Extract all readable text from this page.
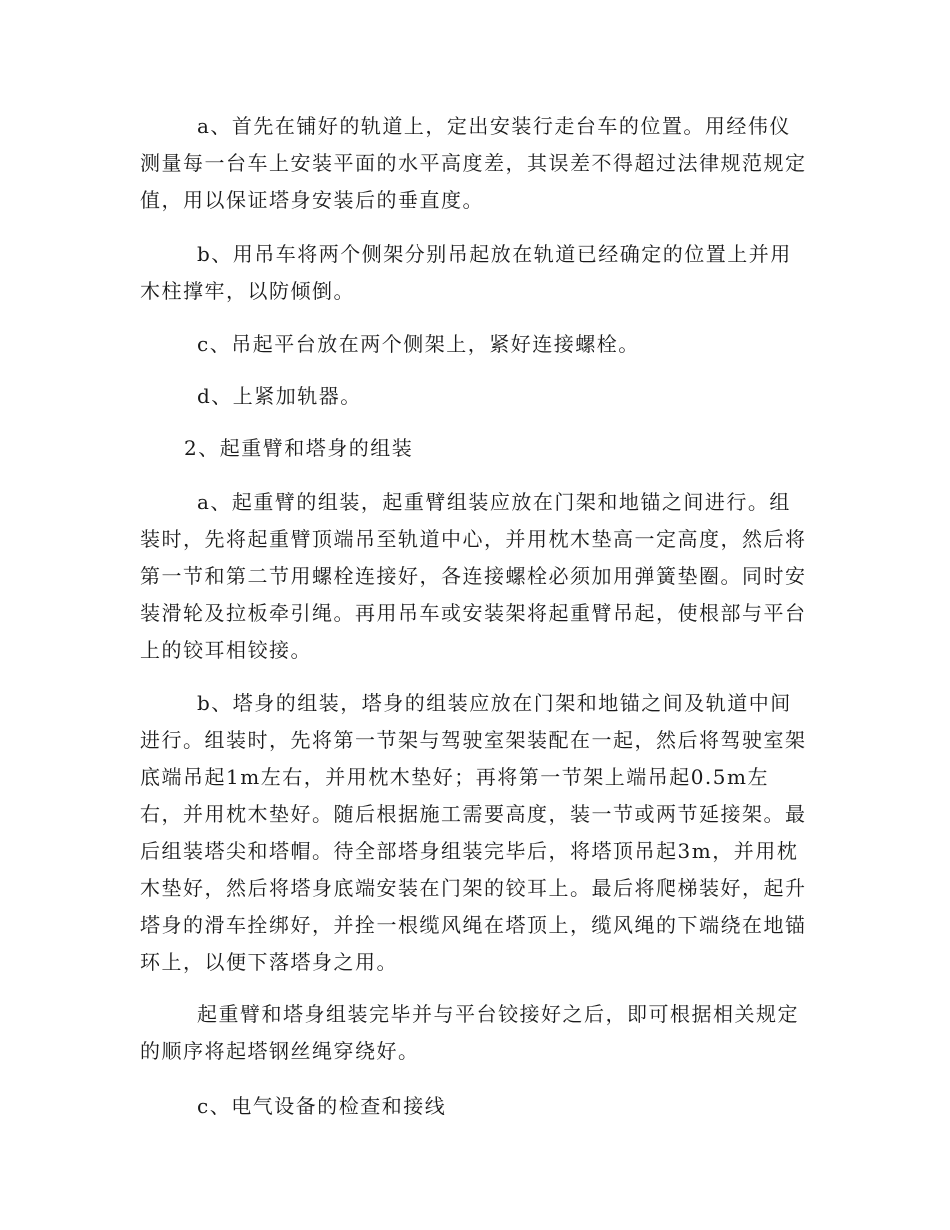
a、首先在铺好的轨道上，定出安装行走台车的位置。用经伟仪测量每一台车上安装平面的水平高度差，其误差不得超过法律规范规定值，用以保证塔身安装后的垂直度。

b、用吊车将两个侧架分别吊起放在轨道已经确定的位置上并用木柱撑牢，以防倾倒。

c、吊起平台放在两个侧架上，紧好连接螺栓。

d、上紧加轨器。

2、起重臂和塔身的组装

a、起重臂的组装，起重臂组装应放在门架和地锚之间进行。组装时，先将起重臂顶端吊至轨道中心，并用枕木垫高一定高度，然后将第一节和第二节用螺栓连接好，各连接螺栓必须加用弹簧垫圈。同时安装滑轮及拉板牵引绳。再用吊车或安装架将起重臂吊起，使根部与平台上的铰耳相铰接。

b、塔身的组装，塔身的组装应放在门架和地锚之间及轨道中间进行。组装时，先将第一节架与驾驶室架装配在一起，然后将驾驶室架底端吊起1m左右，并用枕木垫好；再将第一节架上端吊起0.5m左右，并用枕木垫好。随后根据施工需要高度，装一节或两节延接架。最后组装塔尖和塔帽。待全部塔身组装完毕后，将塔顶吊起3m，并用枕木垫好，然后将塔身底端安装在门架的铰耳上。最后将爬梯装好，起升塔身的滑车拴绑好，并拴一根缆风绳在塔顶上，缆风绳的下端绕在地锚环上，以便下落塔身之用。

起重臂和塔身组装完毕并与平台铰接好之后，即可根据相关规定的顺序将起塔钢丝绳穿绕好。

c、电气设备的检查和接线
